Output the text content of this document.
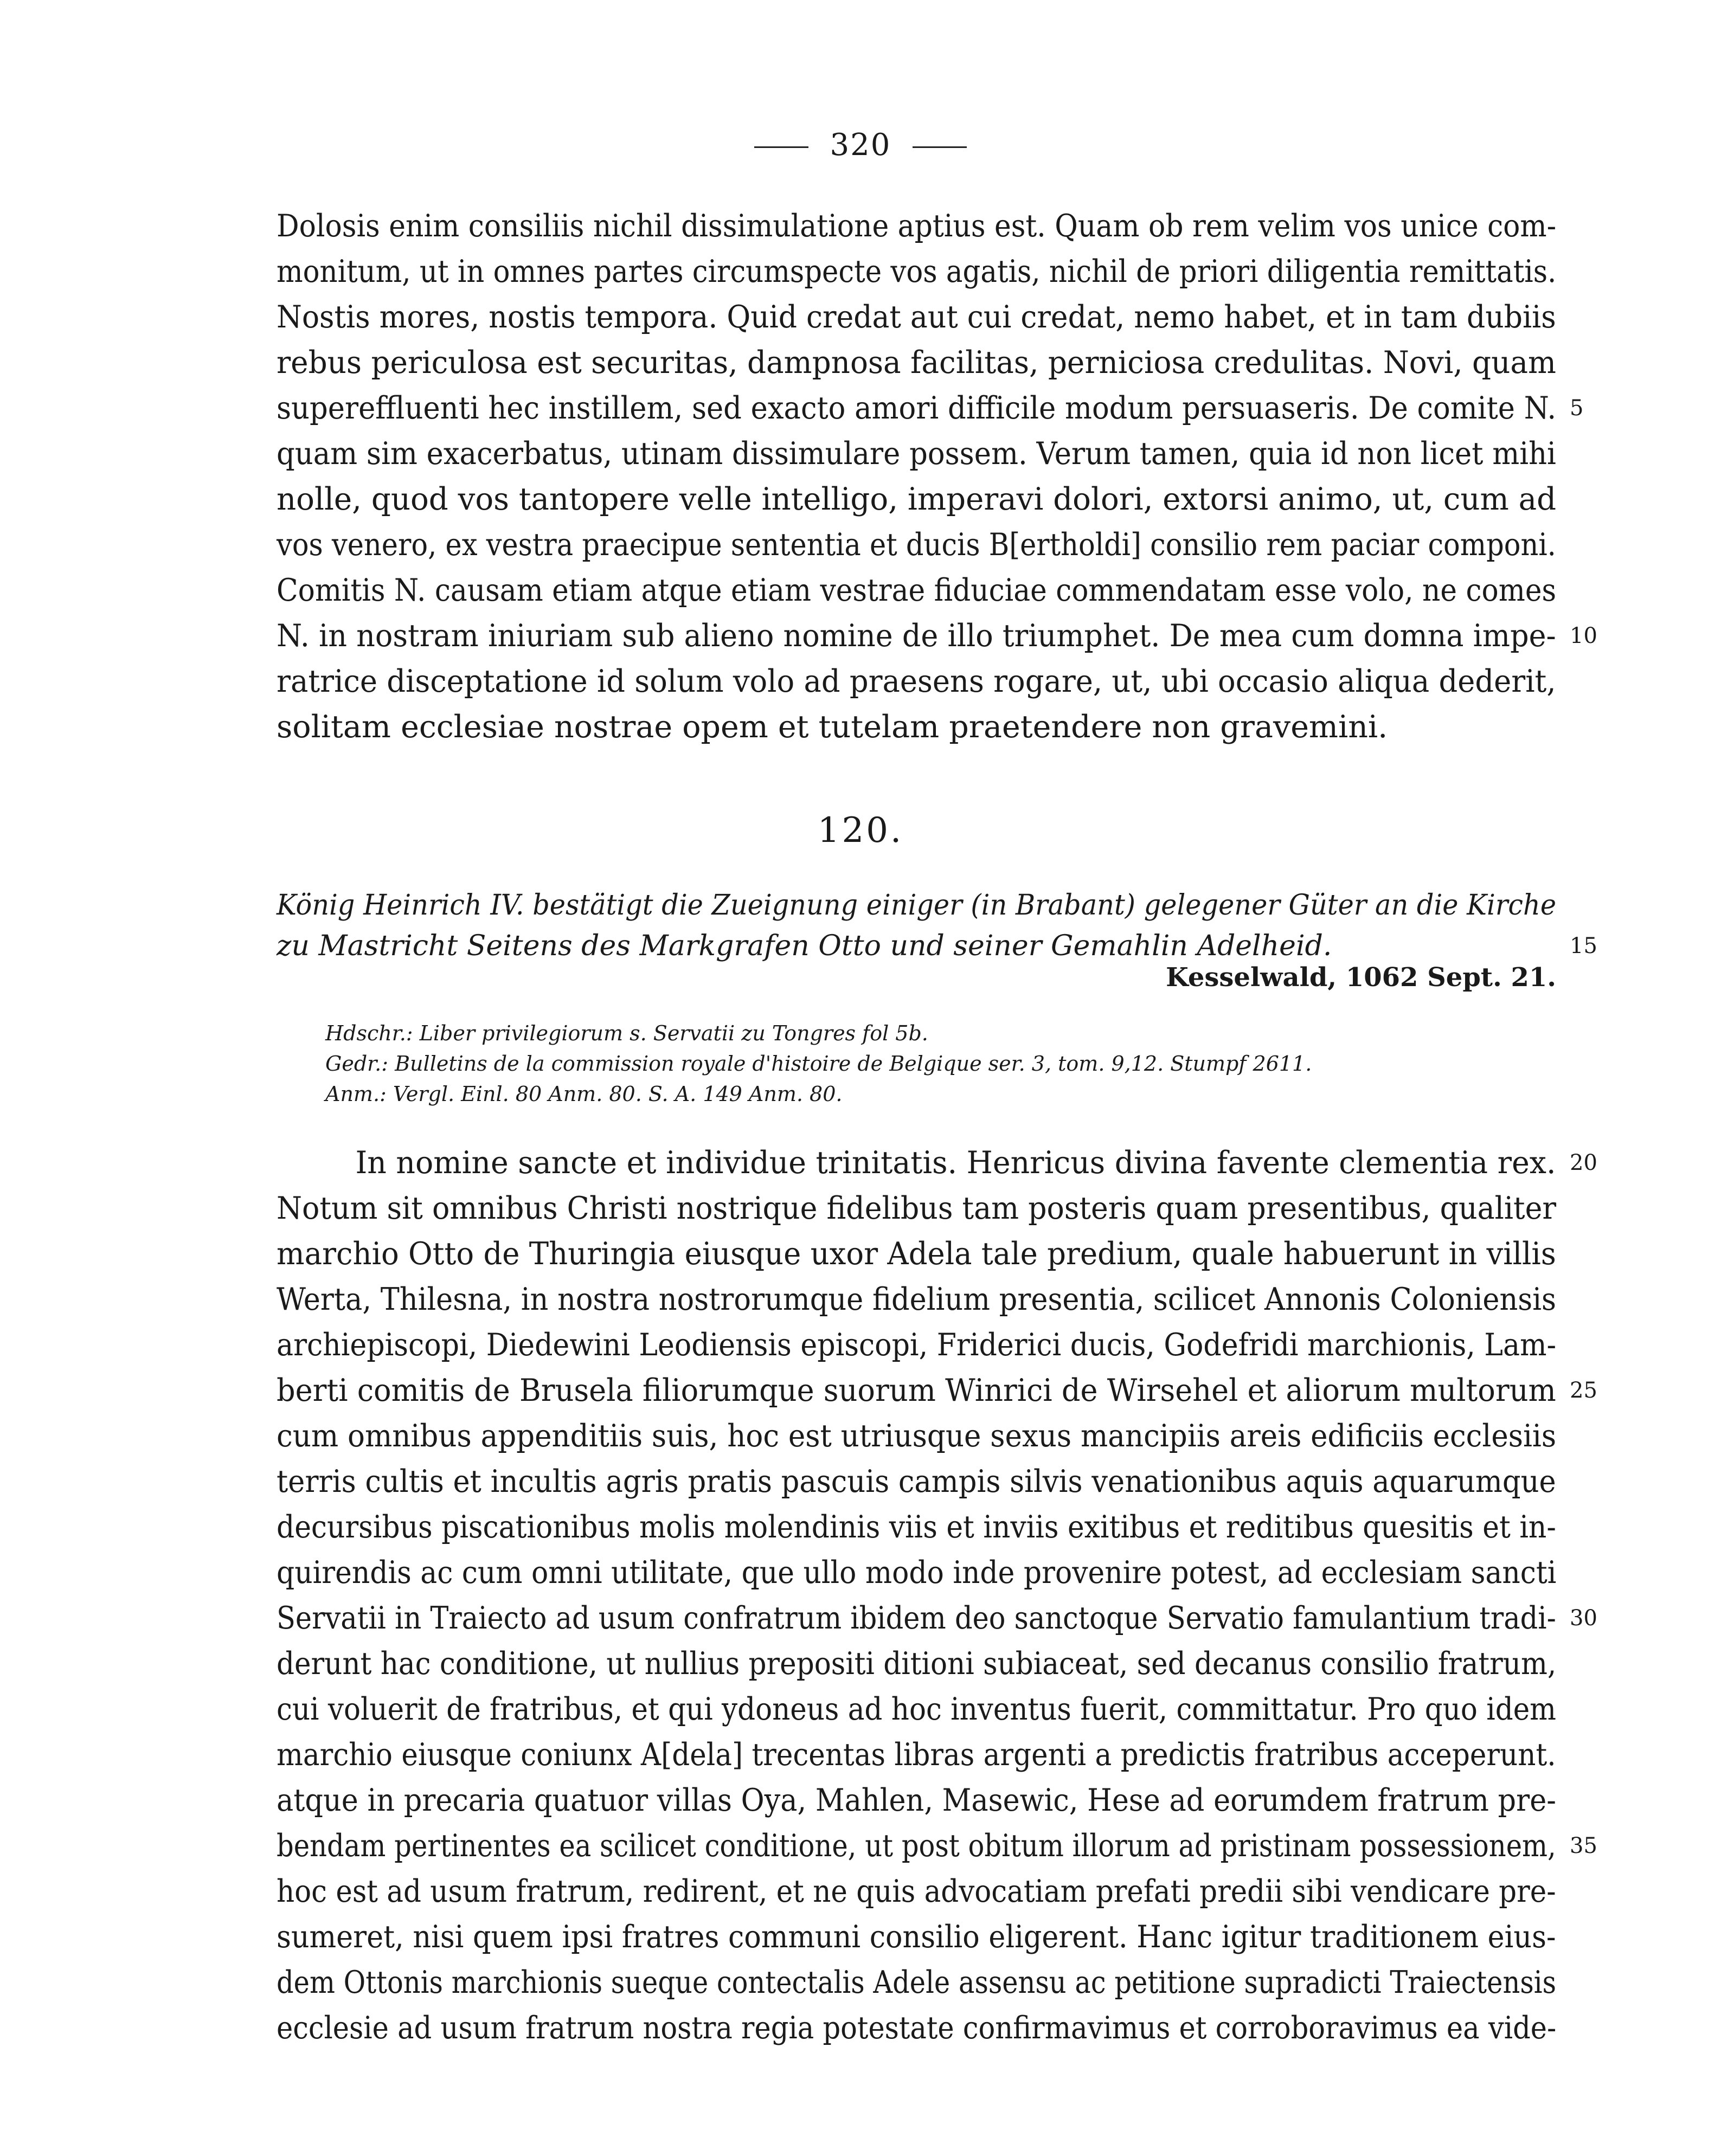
320
Dolosis enim consiliis nichil dissimulatione aptius est. Quam ob rem velim vos unice com-
monitum, ut in omnes partes circumspecte vos agatis, nichil de priori diligentia remittatis.
Nostis mores, nostis tempora. Quid credat aut cui credat, nemo habet, et in tam dubiis
rebus periculosa est securitas, dampnosa facilitas, perniciosa credulitas. Novi, quam
supereffluenti hec instillem, sed exacto amori difficile modum persuaseris. De comite N.
quam sim exacerbatus, utinam dissimulare possem. Verum tamen, quia id non licet mihi
nolle, quod vos tantopere velle intelligo, imperavi dolori, extorsi animo, ut, cum ad
vos venero, ex vestra praecipue sententia et ducis B[ertholdi] consilio rem paciar componi.
Comitis N. causam etiam atque etiam vestrae fiduciae commendatam esse volo, ne comes
N. in nostram iniuriam sub alieno nomine de illo triumphet. De mea cum domna impe-
ratrice disceptatione id solum volo ad praesens rogare, ut, ubi occasio aliqua dederit,
solitam ecclesiae nostrae opem et tutelam praetendere non gravemini.
5
10
120.
König Heinrich IV. bestätigt die Zueignung einiger (in Brabant) gelegener Güter an die Kirche
zu Mastricht Seitens des Markgrafen Otto und seiner Gemahlin Adelheid.	15
Kesselwald, 1062 Sept. 21.
Hdschr.: Liber privilegiorum s. Servatii zu Tongres fol 5b.
Gedr.: Bulletins de la commission royale d'histoire de Belgique ser. 3, tom. 9,12. Stumpf 2611.
Anm.: Vergl. Einl. 80 Anm. 80. S. A. 149 Anm. 80.
In nomine sancte et individue trinitatis. Henricus divina favente clementia rex.
Notum sit omnibus Christi nostrique fidelibus tam posteris quam presentibus, qualiter
marchio Otto de Thuringia eiusque uxor Adela tale predium, quale habuerunt in villis
Werta, Thilesna, in nostra nostrorumque fidelium presentia, scilicet Annonis Coloniensis
archiepiscopi, Diedewini Leodiensis episcopi, Friderici ducis, Godefridi marchionis, Lam-
berti comitis de Brusela filiorumque suorum Winrici de Wirsehel et aliorum multorum
cum omnibus appenditiis suis, hoc est utriusque sexus mancipiis areis edificiis ecclesiis
terris cultis et incultis agris pratis pascuis campis silvis venationibus aquis aquarumque
decursibus piscationibus molis molendinis viis et inviis exitibus et reditibus quesitis et in-
quirendis ac cum omni utilitate, que ullo modo inde provenire potest, ad ecclesiam sancti
Servatii in Traiecto ad usum confratrum ibidem deo sanctoque Servatio famulantium tradi-
derunt hac conditione, ut nullius prepositi ditioni subiaceat, sed decanus consilio fratrum,
cui voluerit de fratribus, et qui ydoneus ad hoc inventus fuerit, committatur. Pro quo idem
marchio eiusque coniunx A[dela] trecentas libras argenti a predictis fratribus acceperunt.
atque in precaria quatuor villas Oya, Mahlen, Masewic, Hese ad eorumdem fratrum pre-
bendam pertinentes ea scilicet conditione, ut post obitum illorum ad pristinam possessionem,
hoc est ad usum fratrum, redirent, et ne quis advocatiam prefati predii sibi vendicare pre-
sumeret, nisi quem ipsi fratres communi consilio eligerent. Hanc igitur traditionem eius-
dem Ottonis marchionis sueque contectalis Adele assensu ac petitione supradicti Traiectensis
ecclesie ad usum fratrum nostra regia potestate confirmavimus et corroboravimus ea vide-
20
25
30
35
